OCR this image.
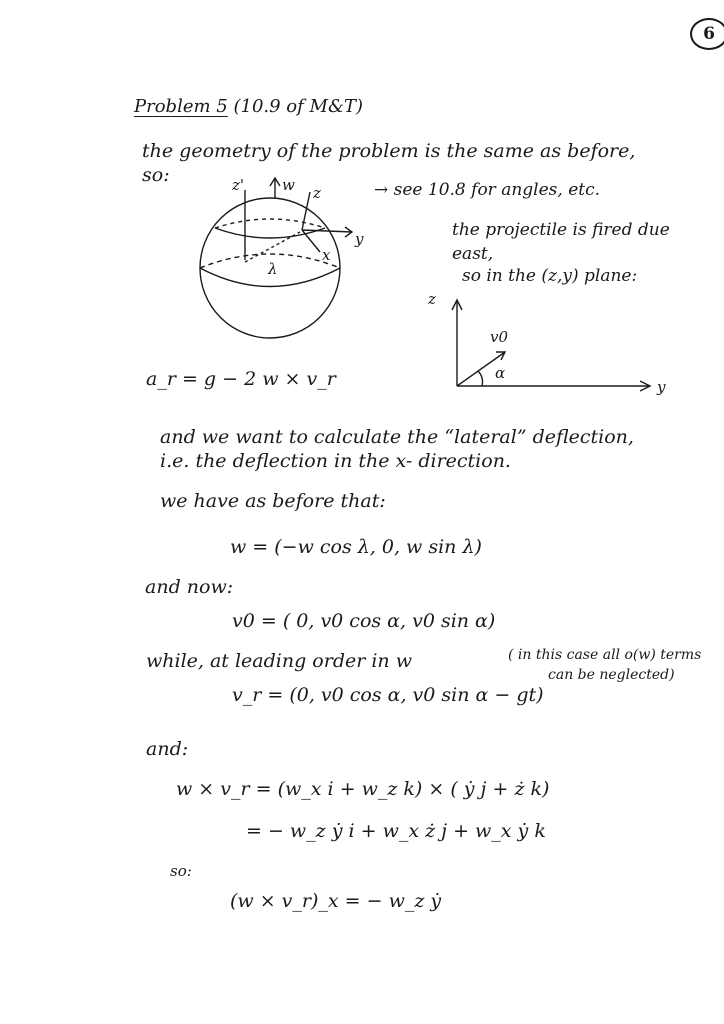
6
Problem 5 (10.9 of M&T)
the geometry of the problem is the same as before,
so:	z'	w z
y
x
λ
→ see 10.8 for angles, etc.
the projectile is fired due
east,
so in the (z,y) plane:
z
y
v0
α
a_r = g − 2 w × v_r
and we want to calculate the “lateral” deflection,
i.e. the deflection in the x- direction.
we have as before that:
w = (−w cos λ, 0, w sin λ)
and now:
v0 = ( 0, v0 cos α, v0 sin α)
while, at leading order in w	( in this case all o(w) terms
can be neglected)
v_r = (0, v0 cos α, v0 sin α − gt)
and:
w × v_r = (w_x i + w_z k) × ( ẏ j + ż k)
= − w_z ẏ i + w_x ż j + w_x ẏ k
so:
(w × v_r)_x = − w_z ẏ
